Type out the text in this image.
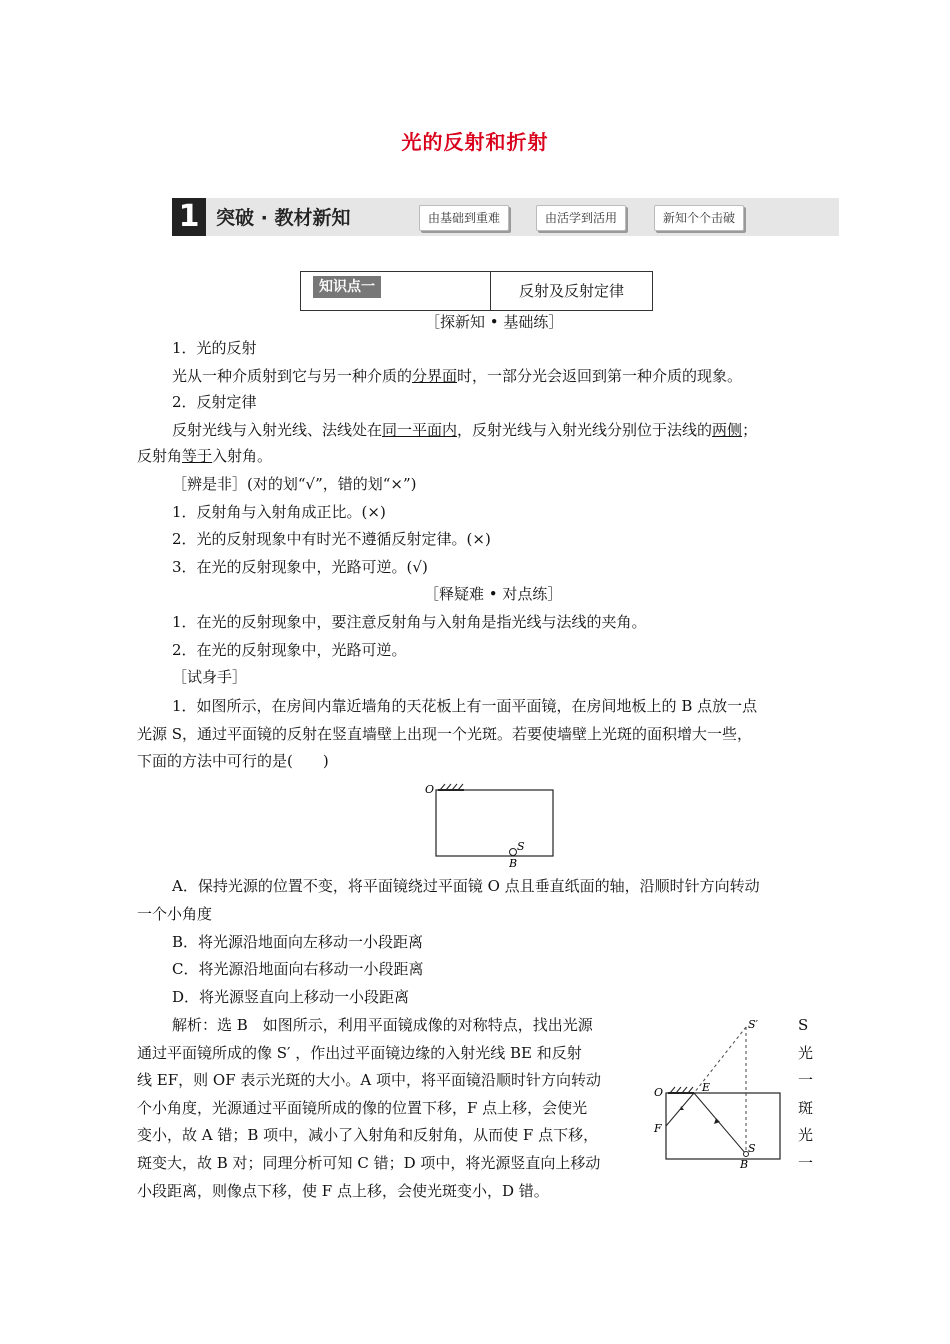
光的反射和折射
1 突破 · 教材新知	由基础到重难	由活学到活用	新知个个击破
知识点一	反射及反射定律
［探新知 • 基础练］
1．光的反射
光从一种介质射到它与另一种介质的分界面时，一部分光会返回到第一种介质的现象。
2．反射定律
反射光线与入射光线、法线处在同一平面内，反射光线与入射光线分别位于法线的两侧；
反射角等于入射角。
［辨是非］(对的划“√”，错的划“×”)
1．反射角与入射角成正比。(×)
2．光的反射现象中有时光不遵循反射定律。(×)
3．在光的反射现象中，光路可逆。(√)
［释疑难 • 对点练］
1．在光的反射现象中，要注意反射角与入射角是指光线与法线的夹角。
2．在光的反射现象中，光路可逆。
［试身手］
1．如图所示，在房间内靠近墙角的天花板上有一面平面镜，在房间地板上的 B 点放一点
光源 S，通过平面镜的反射在竖直墙壁上出现一个光斑。若要使墙壁上光斑的面积增大一些，
下面的方法中可行的是(　　)
O
S
B
A．保持光源的位置不变，将平面镜绕过平面镜 O 点且垂直纸面的轴，沿顺时针方向转动
一个小角度
B．将光源沿地面向左移动一小段距离
C．将光源沿地面向右移动一小段距离
D．将光源竖直向上移动一小段距离
解析：选 B　如图所示，利用平面镜成像的对称特点，找出光源
通过平面镜所成的像 S′ ，作出过平面镜边缘的入射光线 BE 和反射
线 EF，则 OF 表示光斑的大小。A 项中，将平面镜沿顺时针方向转动
个小角度，光源通过平面镜所成的像的位置下移，F 点上移，会使光
变小，故 A 错；B 项中，减小了入射角和反射角，从而使 F 点下移，
斑变大，故 B 对；同理分析可知 C 错；D 项中，将光源竖直向上移动
小段距离，则像点下移，使 F 点上移，会使光斑变小，D 错。
S′
O	E
F
S
B
S
光
一
斑
光
一
